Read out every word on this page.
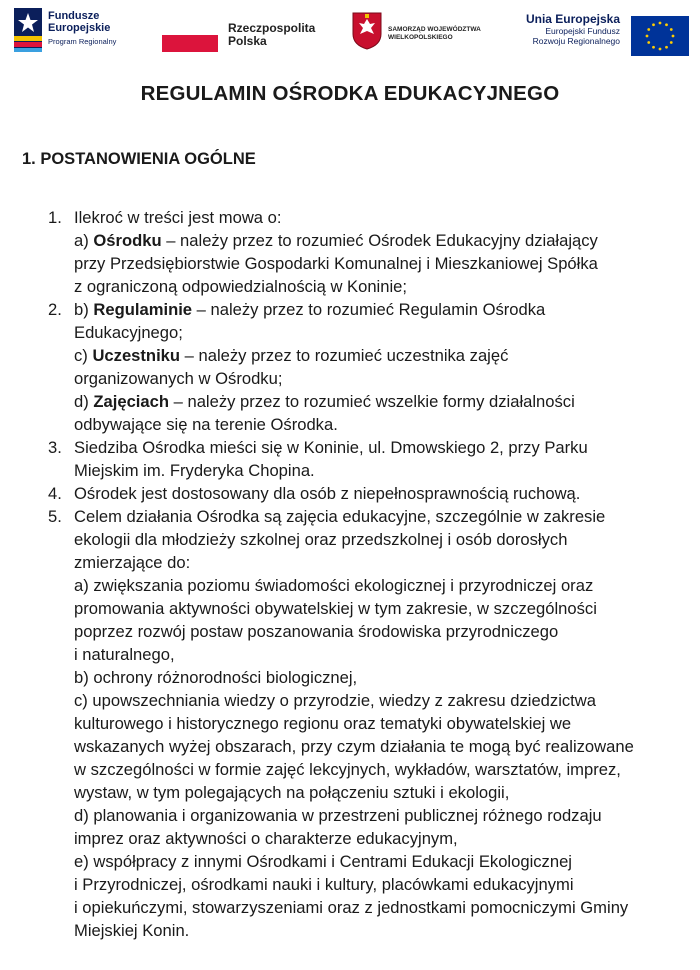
Fundusze
Europejskie
Program Regionalny
Rzeczpospolita
Polska
SAMORZĄD WOJEWÓDZTWA
WIELKOPOLSKIEGO
Unia Europejska
Europejski Fundusz
Rozwoju Regionalnego
REGULAMIN OŚRODKA EDUKACYJNEGO
1. POSTANOWIENIA OGÓLNE
1. Ilekroć w treści jest mowa o:
a) Ośrodku – należy przez to rozumieć Ośrodek Edukacyjny działający
przy Przedsiębiorstwie Gospodarki Komunalnej i Mieszkaniowej Spółka
z ograniczoną odpowiedzialnością w Koninie;
2. b) Regulaminie – należy przez to rozumieć Regulamin Ośrodka
Edukacyjnego;
c) Uczestniku – należy przez to rozumieć uczestnika zajęć
organizowanych w Ośrodku;
d) Zajęciach – należy przez to rozumieć wszelkie formy działalności
odbywające się na terenie Ośrodka.
3. Siedziba Ośrodka mieści się w Koninie, ul. Dmowskiego 2, przy Parku
Miejskim im. Fryderyka Chopina.
4. Ośrodek jest dostosowany dla osób z niepełnosprawnością ruchową.
5. Celem działania Ośrodka są zajęcia edukacyjne, szczególnie w zakresie
ekologii dla młodzieży szkolnej oraz przedszkolnej i osób dorosłych
zmierzające do:
a) zwiększania poziomu świadomości ekologicznej i przyrodniczej oraz
promowania aktywności obywatelskiej w tym zakresie, w szczególności
poprzez rozwój postaw poszanowania środowiska przyrodniczego
i naturalnego,
b) ochrony różnorodności biologicznej,
c) upowszechniania wiedzy o przyrodzie, wiedzy z zakresu dziedzictwa
kulturowego i historycznego regionu oraz tematyki obywatelskiej we
wskazanych wyżej obszarach, przy czym działania te mogą być realizowane
w szczególności w formie zajęć lekcyjnych, wykładów, warsztatów, imprez,
wystaw, w tym polegających na połączeniu sztuki i ekologii,
d) planowania i organizowania w przestrzeni publicznej różnego rodzaju
imprez oraz aktywności o charakterze edukacyjnym,
e) współpracy z innymi Ośrodkami i Centrami Edukacji Ekologicznej
i Przyrodniczej, ośrodkami nauki i kultury, placówkami edukacyjnymi
i opiekuńczymi, stowarzyszeniami oraz z jednostkami pomocniczymi Gminy
Miejskiej Konin.
